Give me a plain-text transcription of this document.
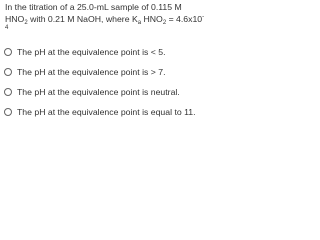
In the titration of a 25.0-mL sample of 0.115 M
$HNO_2$ with 0.21 M NaOH, where $K_a$ $HNO_2 = 4.6x10^-$
4
The pH at the equivalence point is < 5.
The pH at the equivalence point is > 7.
The pH at the equivalence point is neutral.
The pH at the equivalence point is equal to 11.
